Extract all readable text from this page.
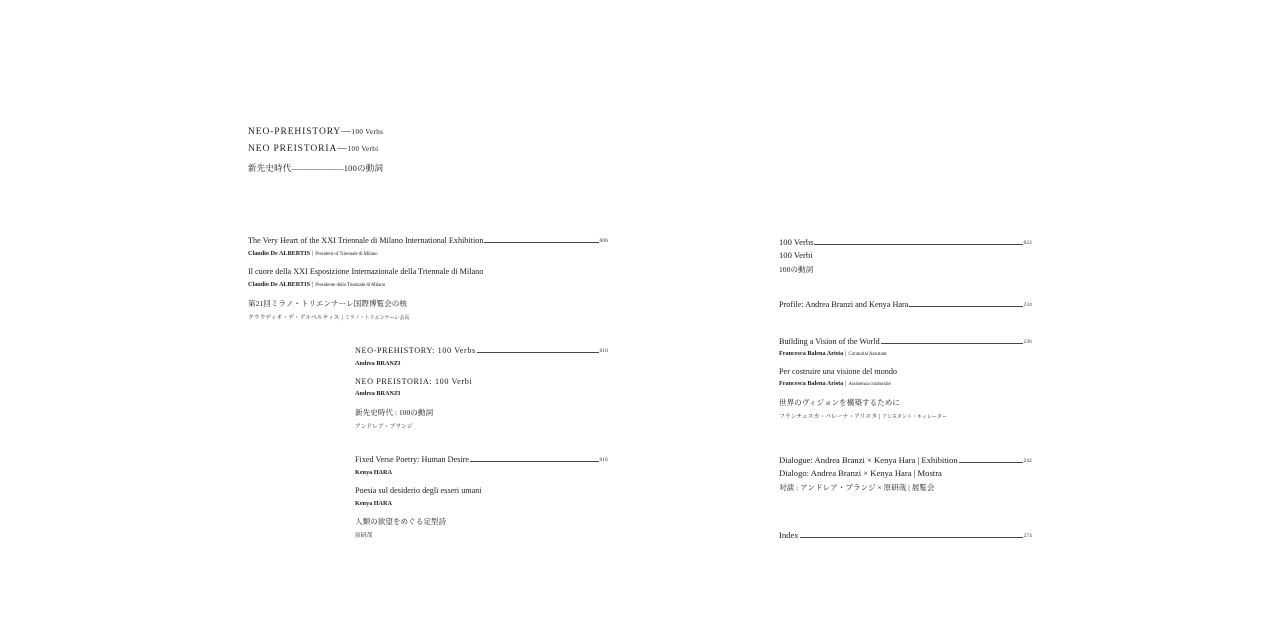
NEO-PREHISTORY—100 Verbs
NEO PREISTORIA—100 Verbi
新先史時代――――――100の動詞
The Very Heart of the XXI Triennale di Milano International Exhibition	006
Claudio De ALBERTIS | President of Triennale di Milano
Il cuore della XXI Esposizione Internazionale della Triennale di Milano
Claudio De ALBERTIS | Presidente della Triennale di Milano
第21回ミラノ・トリエンナーレ国際博覧会の核
クラウディオ・デ・アルベルティス | ミラノ・トリエンナーレ会長
NEO-PREHISTORY: 100 Verbs	010
Andrea BRANZI
NEO PREISTORIA: 100 Verbi
Andrea BRANZI
新先史時代 : 100の動詞
アンドレア・ブランジ
Fixed Verse Poetry: Human Desire	016
Kenya HARA
Poesia sul desiderio degli esseri umani
Kenya HARA
人類の欲望をめぐる定型詩
原研哉
100 Verbs	022
100 Verbi
100の動詞
Profile: Andrea Branzi and Kenya Hara	234
Building a Vision of the World	236
Francesca Balena Arista | Curatorial Assistant
Per costruire una visione del mondo
Francesca Balena Arista | Assistenza curatoriale
世界のヴィジョンを構築するために
フランチェスカ・バレーナ・アリスタ | アシスタント・キュレーター
Dialogue: Andrea Branzi × Kenya Hara | Exhibition	242
Dialogo: Andrea Branzi × Kenya Hara | Mostra
対談 : アンドレア・ブランジ × 原研哉 | 展覧会
Index	274
